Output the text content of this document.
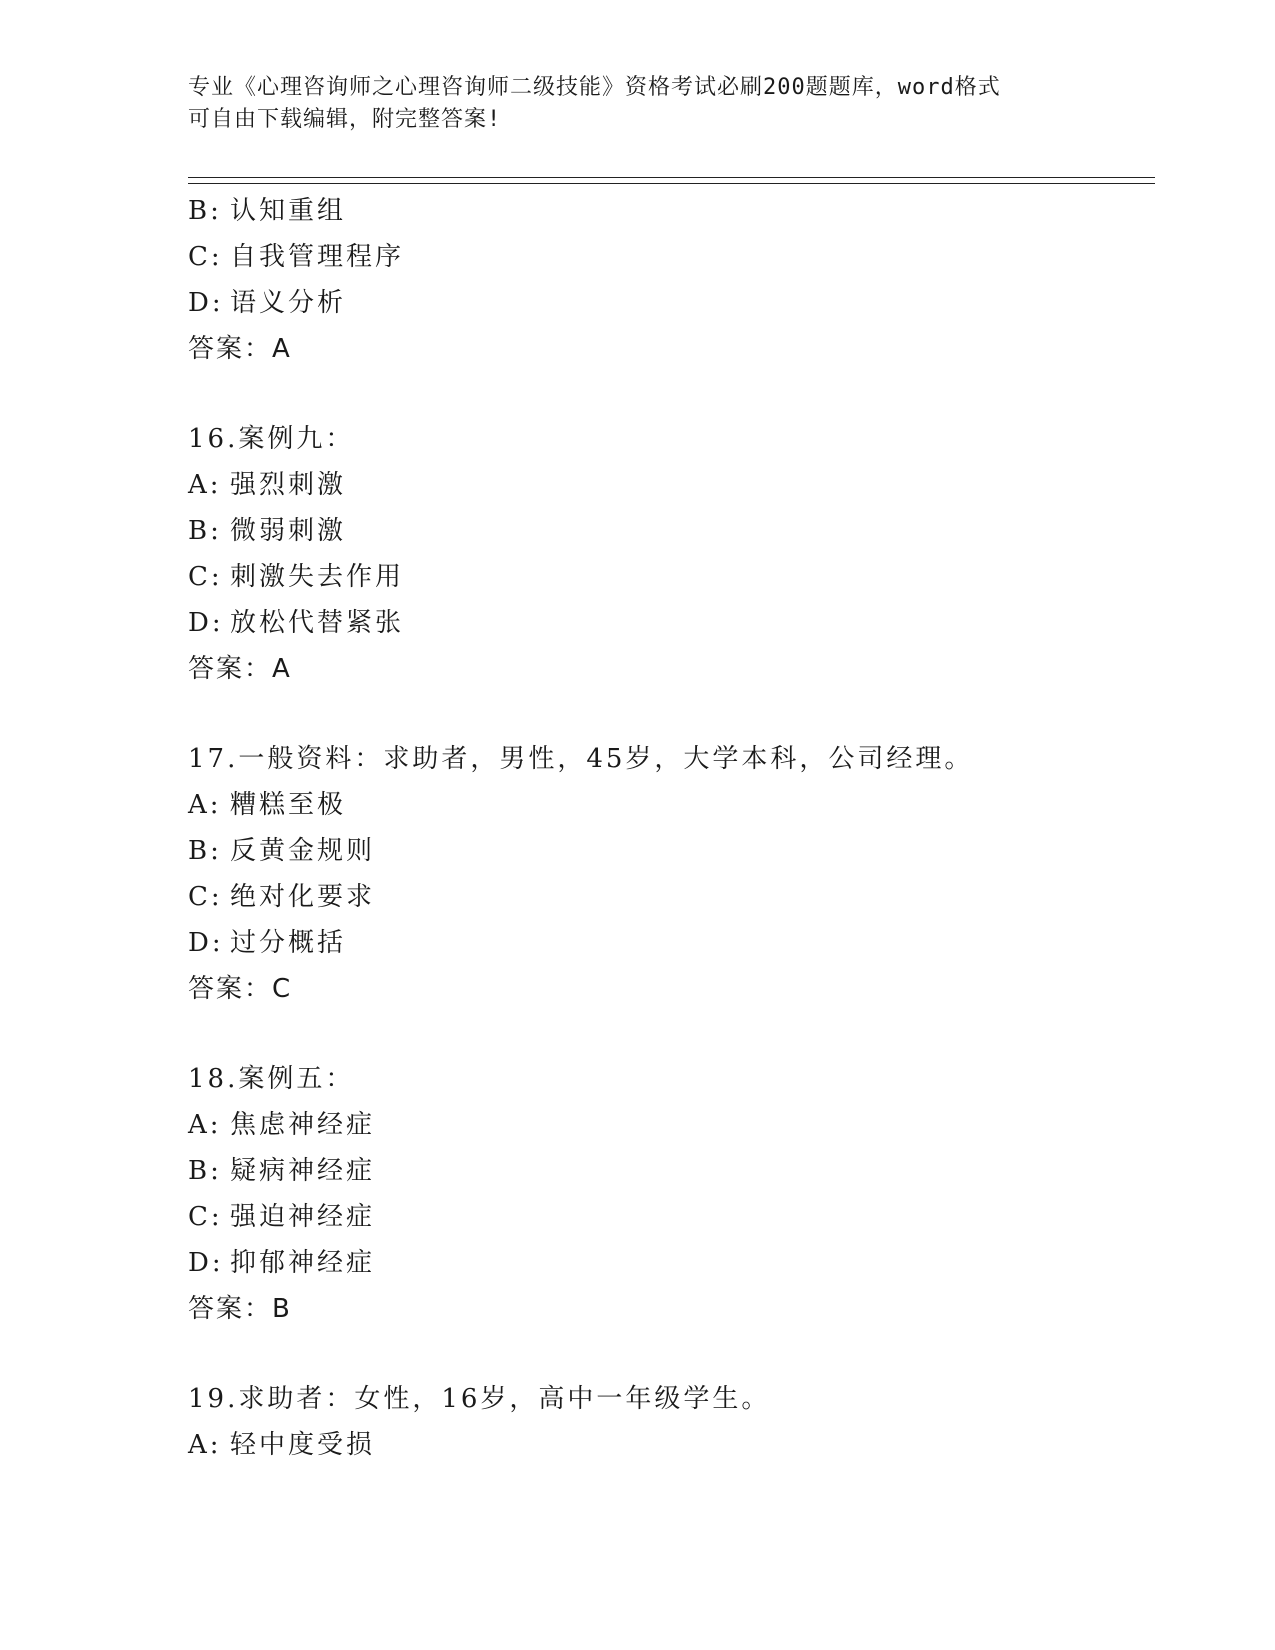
专业《心理咨询师之心理咨询师二级技能》资格考试必刷200题题库，word格式
可自由下载编辑，附完整答案!
B: 认知重组
C: 自我管理程序
D: 语义分析
答案：A
16.案例九：
A: 强烈刺激
B: 微弱刺激
C: 刺激失去作用
D: 放松代替紧张
答案：A
17.一般资料：求助者，男性，45岁，大学本科，公司经理。
A: 糟糕至极
B: 反黄金规则
C: 绝对化要求
D: 过分概括
答案：C
18.案例五：
A: 焦虑神经症
B: 疑病神经症
C: 强迫神经症
D: 抑郁神经症
答案：B
19.求助者：女性，16岁，高中一年级学生。
A: 轻中度受损
